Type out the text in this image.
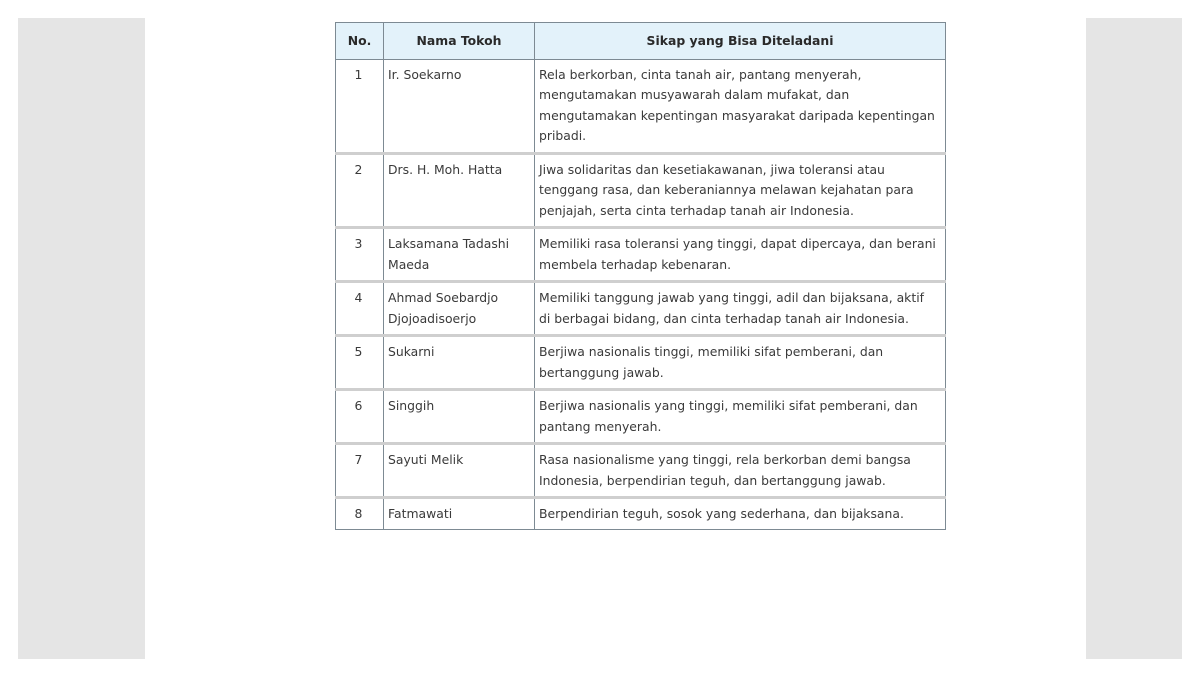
No.	Nama Tokoh	Sikap yang Bisa Diteladani
1	Ir. Soekarno	Rela berkorban, cinta tanah air, pantang menyerah, mengutamakan musyawarah dalam mufakat, dan mengutamakan kepentingan masyarakat daripada kepentingan pribadi.
2	Drs. H. Moh. Hatta	Jiwa solidaritas dan kesetiakawanan, jiwa toleransi atau tenggang rasa, dan keberaniannya melawan kejahatan para penjajah, serta cinta terhadap tanah air Indonesia.
3	Laksamana Tadashi Maeda	Memiliki rasa toleransi yang tinggi, dapat dipercaya, dan berani membela terhadap kebenaran.
4	Ahmad Soebardjo Djojoadisoerjo	Memiliki tanggung jawab yang tinggi, adil dan bijaksana, aktif di berbagai bidang, dan cinta terhadap tanah air Indonesia.
5	Sukarni	Berjiwa nasionalis tinggi, memiliki sifat pemberani, dan bertanggung jawab.
6	Singgih	Berjiwa nasionalis yang tinggi, memiliki sifat pemberani, dan pantang menyerah.
7	Sayuti Melik	Rasa nasionalisme yang tinggi, rela berkorban demi bangsa Indonesia, berpendirian teguh, dan bertanggung jawab.
8	Fatmawati	Berpendirian teguh, sosok yang sederhana, dan bijaksana.
